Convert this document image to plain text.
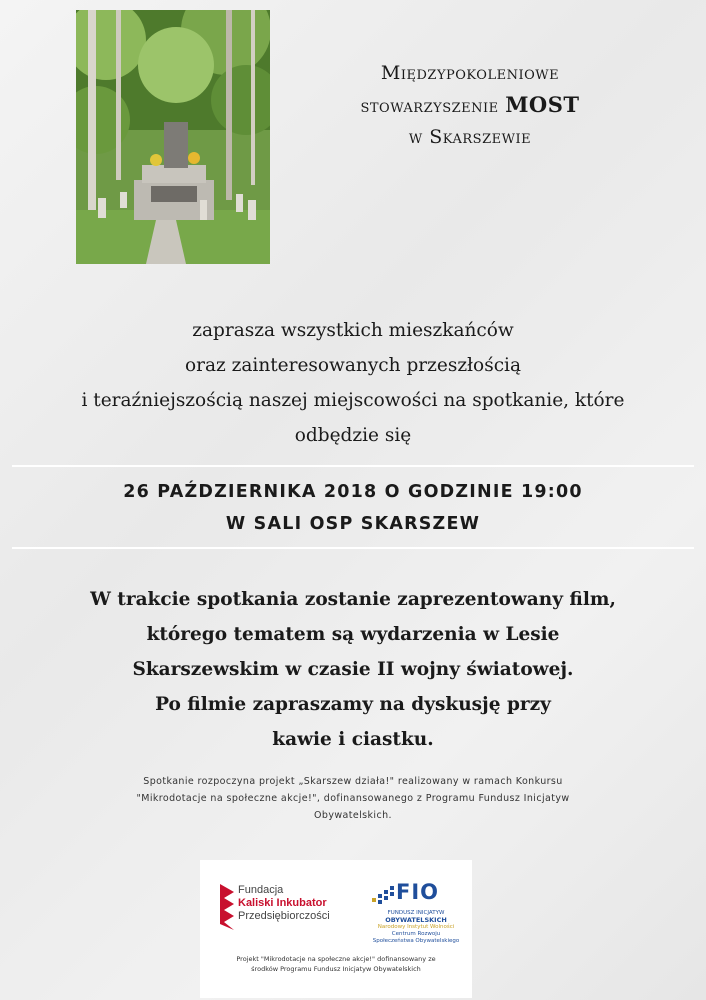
Międzypokoleniowe
stowarzyszenie MOST
w Skarszewie
zaprasza wszystkich mieszkańców
oraz zainteresowanych przeszłością
i teraźniejszością naszej miejscowości na spotkanie, które
odbędzie się
26 PAŹDZIERNIKA 2018 O GODZINIE 19:00
W SALI OSP SKARSZEW
W trakcie spotkania zostanie zaprezentowany film,
którego tematem są wydarzenia w Lesie
Skarszewskim w czasie II wojny światowej.
Po filmie zapraszamy na dyskusję przy
kawie i ciastku.
Spotkanie rozpoczyna projekt „Skarszew działa!" realizowany w ramach Konkursu
"Mikrodotacje na społeczne akcje!", dofinansowanego z Programu Fundusz Inicjatyw
Obywatelskich.
Fundacja
Kaliski Inkubator
Przedsiębiorczości
FIO
FUNDUSZ INICJATYW
OBYWATELSKICH
Narodowy Instytut Wolności
Centrum Rozwoju Społeczeństwa Obywatelskiego
Projekt "Mikrodotacje na społeczne akcje!" dofinansowany ze
środków Programu Fundusz Inicjatyw Obywatelskich
